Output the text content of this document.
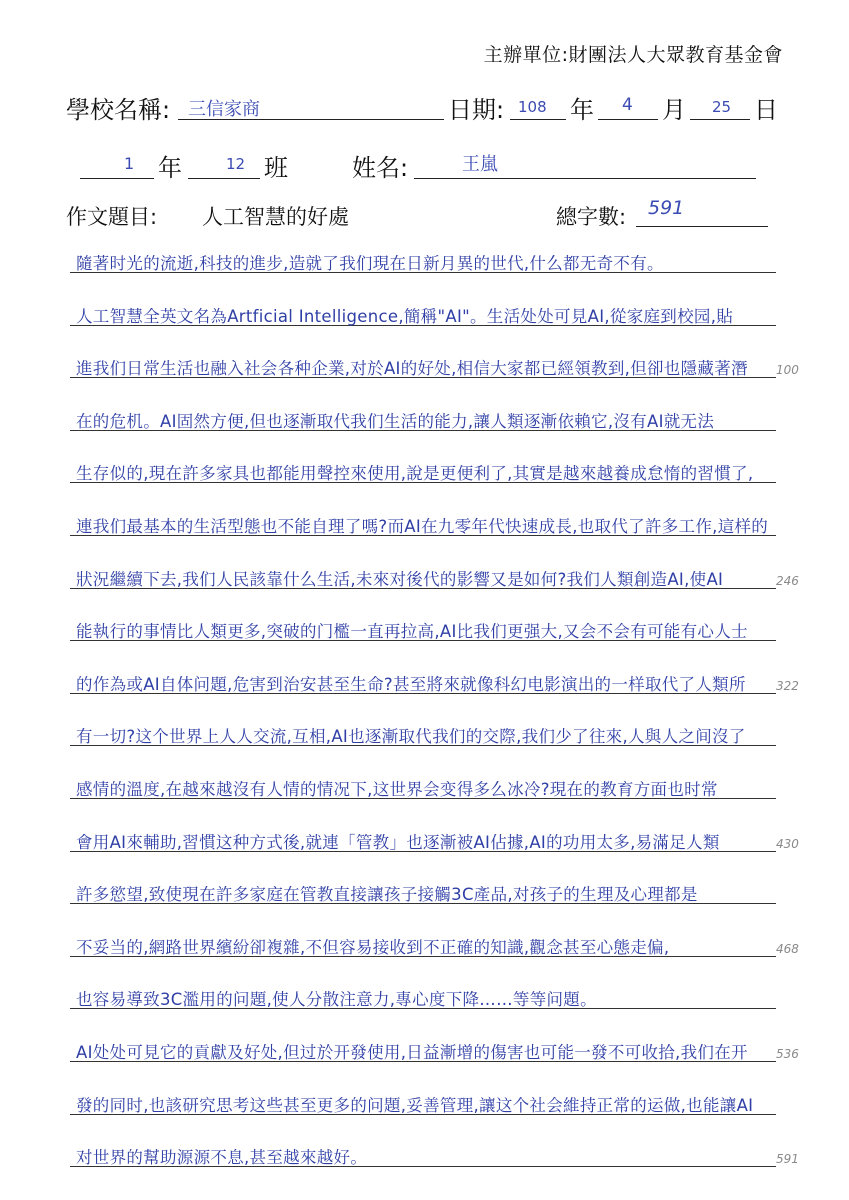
主辦單位:財團法人大眾教育基金會
學校名稱: 三信家商	日期: 108 年 4 月 25 日
1 年	12 班	姓名:	王嵐
作文題目: 人工智慧的好處	總字數: 591
隨著时光的流逝,科技的進步,造就了我们現在日新月異的世代,什么都无奇不有。
人工智慧全英文名為Artficial Intelligence,簡稱"AI"。生活处处可見AI,從家庭到校园,貼
進我们日常生活也融入社会各种企業,对於AI的好处,相信大家都已經領教到,但卻也隱藏著潛	100
在的危机。AI固然方便,但也逐漸取代我们生活的能力,讓人類逐漸依賴它,沒有AI就无法
生存似的,現在許多家具也都能用聲控來使用,說是更便利了,其實是越來越養成怠惰的習慣了,
連我们最基本的生活型態也不能自理了嗎?而AI在九零年代快速成長,也取代了許多工作,這样的
狀況繼續下去,我们人民該靠什么生活,未來对後代的影響又是如何?我们人類創造AI,使AI	246
能執行的事情比人類更多,突破的门檻一直再拉高,AI比我们更强大,又会不会有可能有心人士
的作為或AI自体问題,危害到治安甚至生命?甚至將來就像科幻电影演出的一样取代了人類所	322
有一切?这个世界上人人交流,互相,AI也逐漸取代我们的交際,我们少了往來,人與人之间沒了
感情的溫度,在越來越沒有人情的情况下,这世界会变得多么冰冷?現在的教育方面也时常
會用AI來輔助,習慣这种方式後,就連「管教」也逐漸被AI佔據,AI的功用太多,易滿足人類	430
許多慾望,致使現在許多家庭在管教直接讓孩子接觸3C產品,对孩子的生理及心理都是
不妥当的,網路世界繽紛卻複雜,不但容易接收到不正確的知識,觀念甚至心態走偏,	468
也容易導致3C濫用的问題,使人分散注意力,專心度下降……等等问題。
AI处处可見它的貢獻及好处,但过於开發使用,日益漸增的傷害也可能一發不可收拾,我们在开	536
發的同时,也該研究思考这些甚至更多的问題,妥善管理,讓这个社会維持正常的运做,也能讓AI
对世界的幫助源源不息,甚至越來越好。	591
